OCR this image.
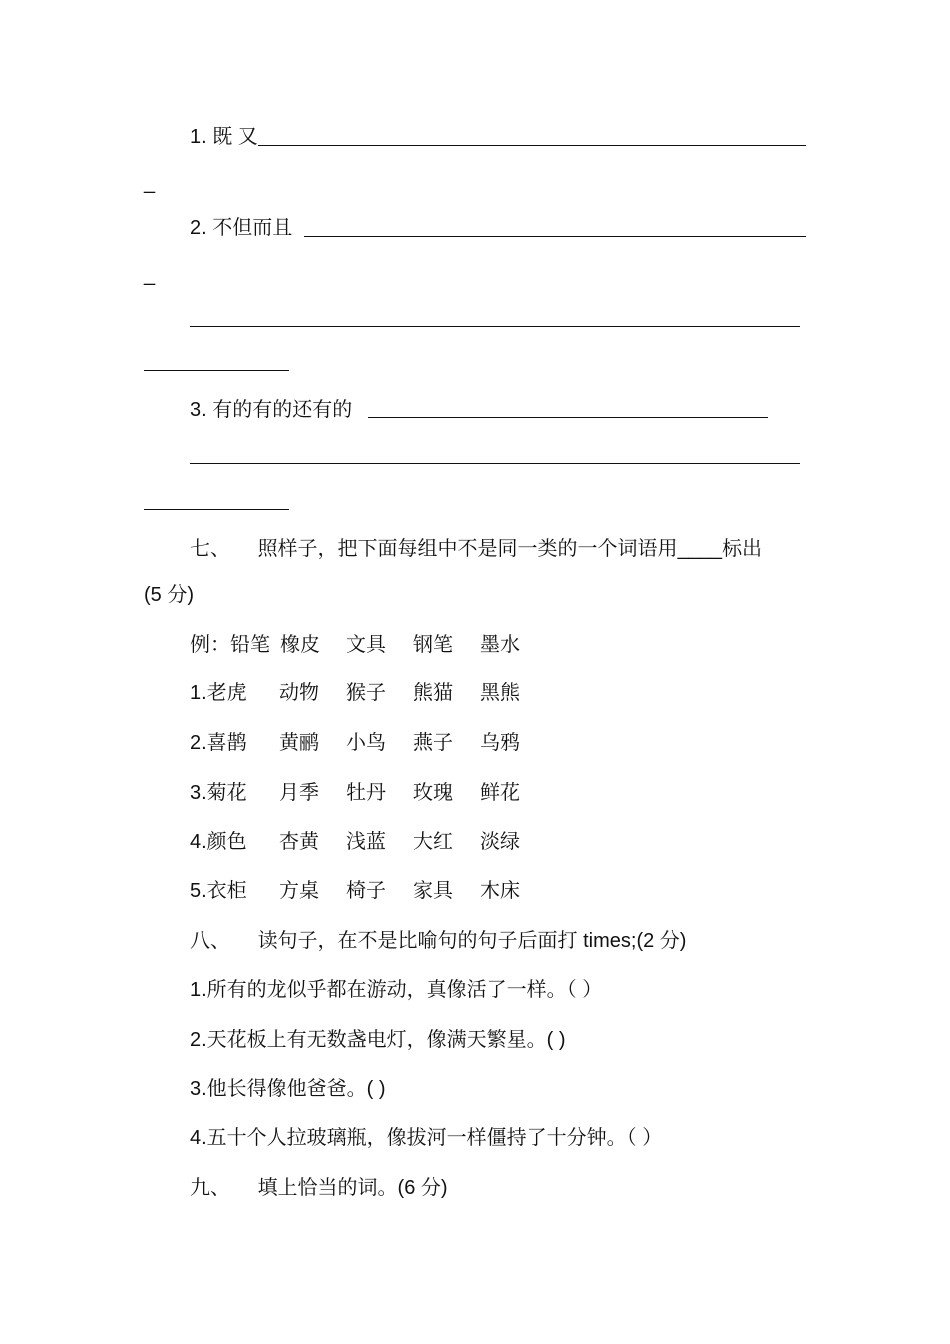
1. 既 又
_
2. 不但而且
_
3. 有的有的还有的
七、 照样子，把下面每组中不是同一类的一个词语用____标出
(5 分)
例：铅笔 橡皮 文具 钢笔 墨水
1.老虎 动物 猴子 熊猫 黑熊
2.喜鹊 黄鹂 小鸟 燕子 乌鸦
3.菊花 月季 牡丹 玫瑰 鲜花
4.颜色 杏黄 浅蓝 大红 淡绿
5.衣柜 方桌 椅子 家具 木床
八、 读句子，在不是比喻句的句子后面打 times;(2 分)
1.所有的龙似乎都在游动，真像活了一样。（ ）
2.天花板上有无数盏电灯，像满天繁星。( )
3.他长得像他爸爸。( )
4.五十个人拉玻璃瓶，像拔河一样僵持了十分钟。（ ）
九、 填上恰当的词。(6 分)
